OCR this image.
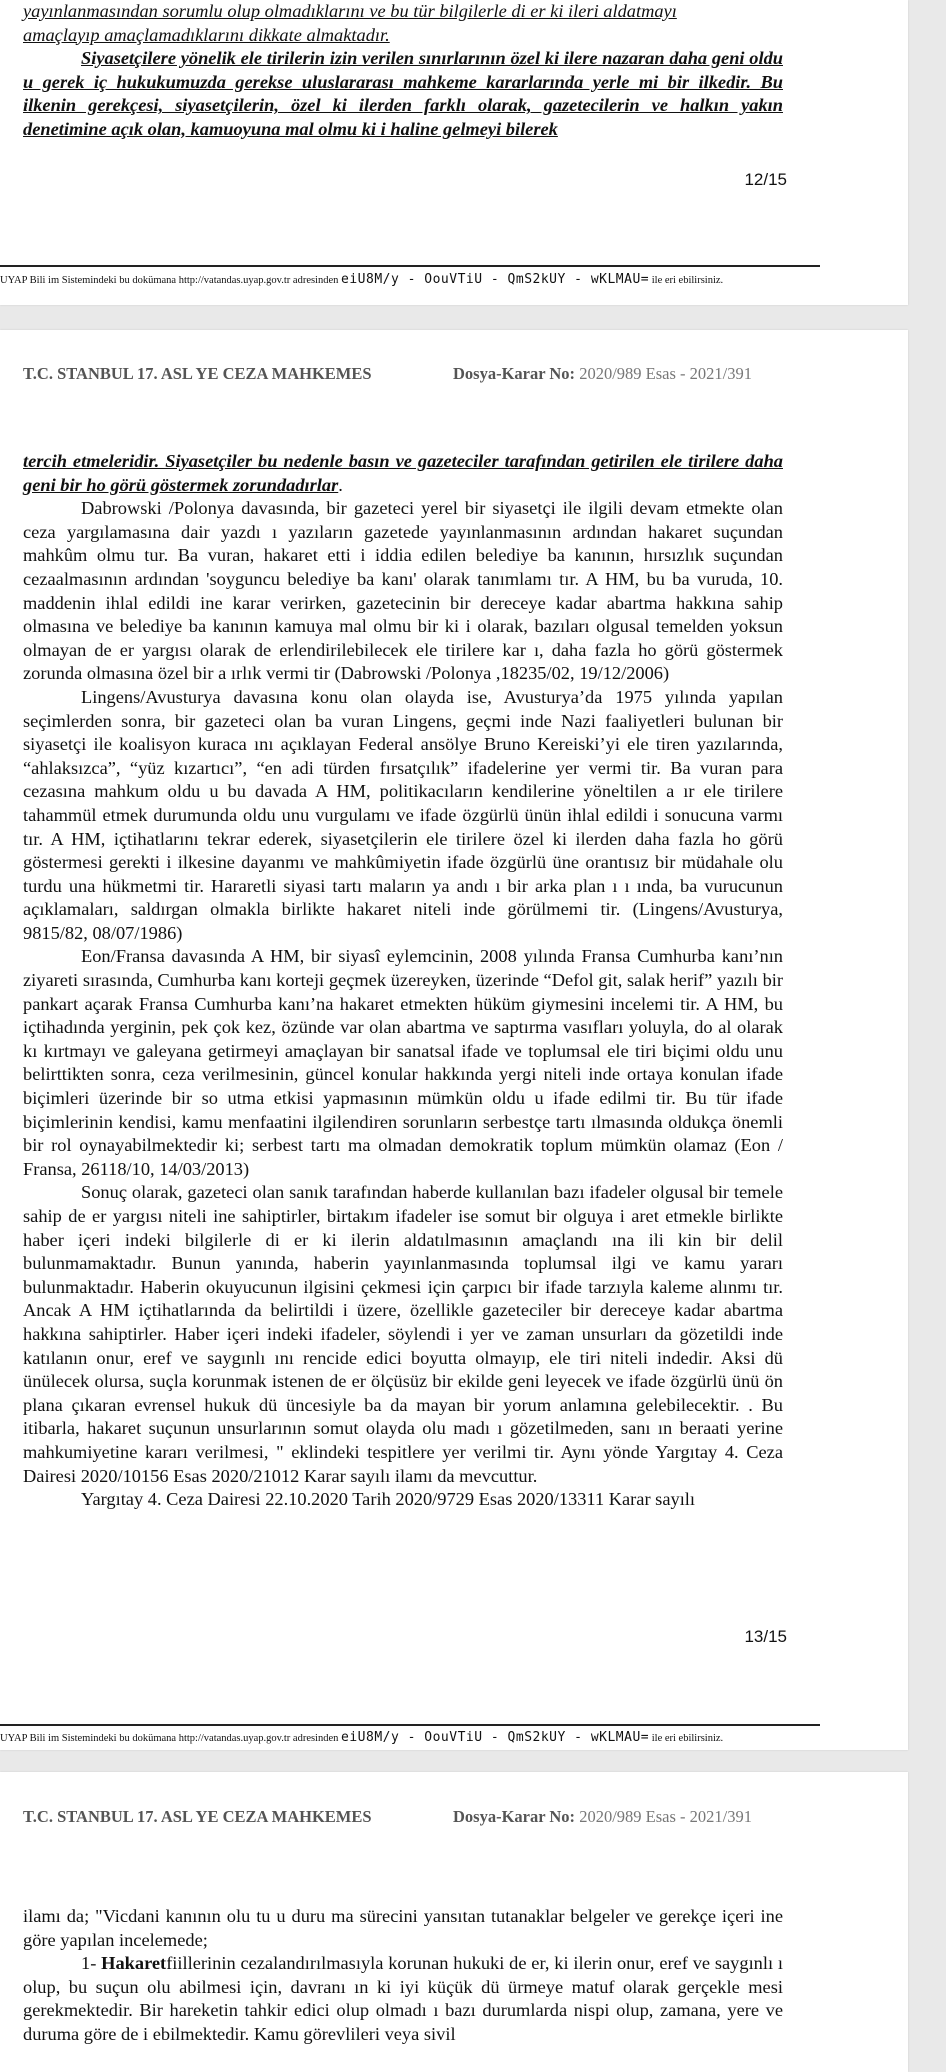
yayınlanmasından sorumlu olup olmadıklarını ve bu tür bilgilerle di er ki ileri aldatmayı

amaçlayıp amaçlamadıklarını dikkate almaktadır.

Siyasetçilere yönelik ele tirilerin izin verilen sınırlarının özel ki ilere nazaran daha geni oldu u gerek iç hukukumuzda gerekse uluslararası mahkeme kararlarında yerle mi bir ilkedir. Bu ilkenin gerekçesi, siyasetçilerin, özel ki ilerden farklı olarak, gazetecilerin ve halkın yakın denetimine açık olan, kamuoyuna mal olmu ki i haline gelmeyi bilerek

12/15
UYAP Bili im Sistemindeki bu dokümana http://vatandas.uyap.gov.tr adresinden eiU8M/y - OouVTiU - QmS2kUY - wKLMAU= ile eri ebilirsiniz.
T.C. STANBUL 17. ASL YE CEZA MAHKEMES	Dosya-Karar No: 2020/989 Esas - 2021/391

tercih etmeleridir. Siyasetçiler bu nedenle basın ve gazeteciler tarafından getirilen ele tirilere daha geni bir ho görü göstermek zorundadırlar.

Dabrowski /Polonya davasında, bir gazeteci yerel bir siyasetçi ile ilgili devam etmekte olan ceza yargılamasına dair yazdı ı yazıların gazetede yayınlanmasının ardından hakaret suçundan mahkûm olmu tur. Ba vuran, hakaret etti i iddia edilen belediye ba kanının, hırsızlık suçundan cezaalmasının ardından 'soyguncu belediye ba kanı' olarak tanımlamı tır. A HM, bu ba vuruda, 10. maddenin ihlal edildi ine karar verirken, gazetecinin bir dereceye kadar abartma hakkına sahip olmasına ve belediye ba kanının kamuya mal olmu bir ki i olarak, bazıları olgusal temelden yoksun olmayan de er yargısı olarak de erlendirilebilecek ele tirilere kar ı, daha fazla ho görü göstermek zorunda olmasına özel bir a ırlık vermi tir (Dabrowski /Polonya ,18235/02, 19/12/2006)

Lingens/Avusturya davasına konu olan olayda ise, Avusturya’da 1975 yılında yapılan seçimlerden sonra, bir gazeteci olan ba vuran Lingens, geçmi inde Nazi faaliyetleri bulunan bir siyasetçi ile koalisyon kuraca ını açıklayan Federal ansölye Bruno Kereiski’yi ele tiren yazılarında, “ahlaksızca”, “yüz kızartıcı”, “en adi türden fırsatçılık” ifadelerine yer vermi tir. Ba vuran para cezasına mahkum oldu u bu davada A HM, politikacıların kendilerine yöneltilen a ır ele tirilere tahammül etmek durumunda oldu unu vurgulamı ve ifade özgürlü ünün ihlal edildi i sonucuna varmı tır. A HM, içtihatlarını tekrar ederek, siyasetçilerin ele tirilere özel ki ilerden daha fazla ho görü göstermesi gerekti i ilkesine dayanmı ve mahkûmiyetin ifade özgürlü üne orantısız bir müdahale olu turdu una hükmetmi tir. Hararetli siyasi tartı maların ya andı ı bir arka plan ı ı ında, ba vurucunun açıklamaları, saldırgan olmakla birlikte hakaret niteli inde görülmemi tir. (Lingens/Avusturya, 9815/82, 08/07/1986)

Eon/Fransa davasında A HM, bir siyasî eylemcinin, 2008 yılında Fransa Cumhurba kanı’nın ziyareti sırasında, Cumhurba kanı korteji geçmek üzereyken, üzerinde “Defol git, salak herif” yazılı bir pankart açarak Fransa Cumhurba kanı’na hakaret etmekten hüküm giymesini incelemi tir. A HM, bu içtihadında yerginin, pek çok kez, özünde var olan abartma ve saptırma vasıfları yoluyla, do al olarak kı kırtmayı ve galeyana getirmeyi amaçlayan bir sanatsal ifade ve toplumsal ele tiri biçimi oldu unu belirttikten sonra, ceza verilmesinin, güncel konular hakkında yergi niteli inde ortaya konulan ifade biçimleri üzerinde bir so utma etkisi yapmasının mümkün oldu u ifade edilmi tir. Bu tür ifade biçimlerinin kendisi, kamu menfaatini ilgilendiren sorunların serbestçe tartı ılmasında oldukça önemli bir rol oynayabilmektedir ki; serbest tartı ma olmadan demokratik toplum mümkün olamaz (Eon / Fransa, 26118/10, 14/03/2013)

Sonuç olarak, gazeteci olan sanık tarafından haberde kullanılan bazı ifadeler olgusal bir temele sahip de er yargısı niteli ine sahiptirler, birtakım ifadeler ise somut bir olguya i aret etmekle birlikte haber içeri indeki bilgilerle di er ki ilerin aldatılmasının amaçlandı ına ili kin bir delil bulunmamaktadır. Bunun yanında, haberin yayınlanmasında toplumsal ilgi ve kamu yararı bulunmaktadır. Haberin okuyucunun ilgisini çekmesi için çarpıcı bir ifade tarzıyla kaleme alınmı tır. Ancak A HM içtihatlarında da belirtildi i üzere, özellikle gazeteciler bir dereceye kadar abartma hakkına sahiptirler. Haber içeri indeki ifadeler, söylendi i yer ve zaman unsurları da gözetildi inde katılanın onur, eref ve saygınlı ını rencide edici boyutta olmayıp, ele tiri niteli indedir. Aksi dü ünülecek olursa, suçla korunmak istenen de er ölçüsüz bir ekilde geni leyecek ve ifade özgürlü ünü ön plana çıkaran evrensel hukuk dü üncesiyle ba da mayan bir yorum anlamına gelebilecektir. . Bu itibarla, hakaret suçunun unsurlarının somut olayda olu madı ı gözetilmeden, sanı ın beraati yerine mahkumiyetine kararı verilmesi, " eklindeki tespitlere yer verilmi tir. Aynı yönde Yargıtay 4. Ceza Dairesi 2020/10156 Esas 2020/21012 Karar sayılı ilamı da mevcuttur.

Yargıtay 4. Ceza Dairesi 22.10.2020 Tarih 2020/9729 Esas 2020/13311 Karar sayılı

13/15
UYAP Bili im Sistemindeki bu dokümana http://vatandas.uyap.gov.tr adresinden eiU8M/y - OouVTiU - QmS2kUY - wKLMAU= ile eri ebilirsiniz.
T.C. STANBUL 17. ASL YE CEZA MAHKEMES	Dosya-Karar No: 2020/989 Esas - 2021/391

ilamı da; "Vicdani kanının olu tu u duru ma sürecini yansıtan tutanaklar belgeler ve gerekçe içeri ine göre yapılan incelemede;

1- Hakaretfiillerinin cezalandırılmasıyla korunan hukuki de er, ki ilerin onur, eref ve saygınlı ı olup, bu suçun olu abilmesi için, davranı ın ki iyi küçük dü ürmeye matuf olarak gerçekle mesi gerekmektedir. Bir hareketin tahkir edici olup olmadı ı bazı durumlarda nispi olup, zamana, yere ve duruma göre de i ebilmektedir. Kamu görevlileri veya sivil
